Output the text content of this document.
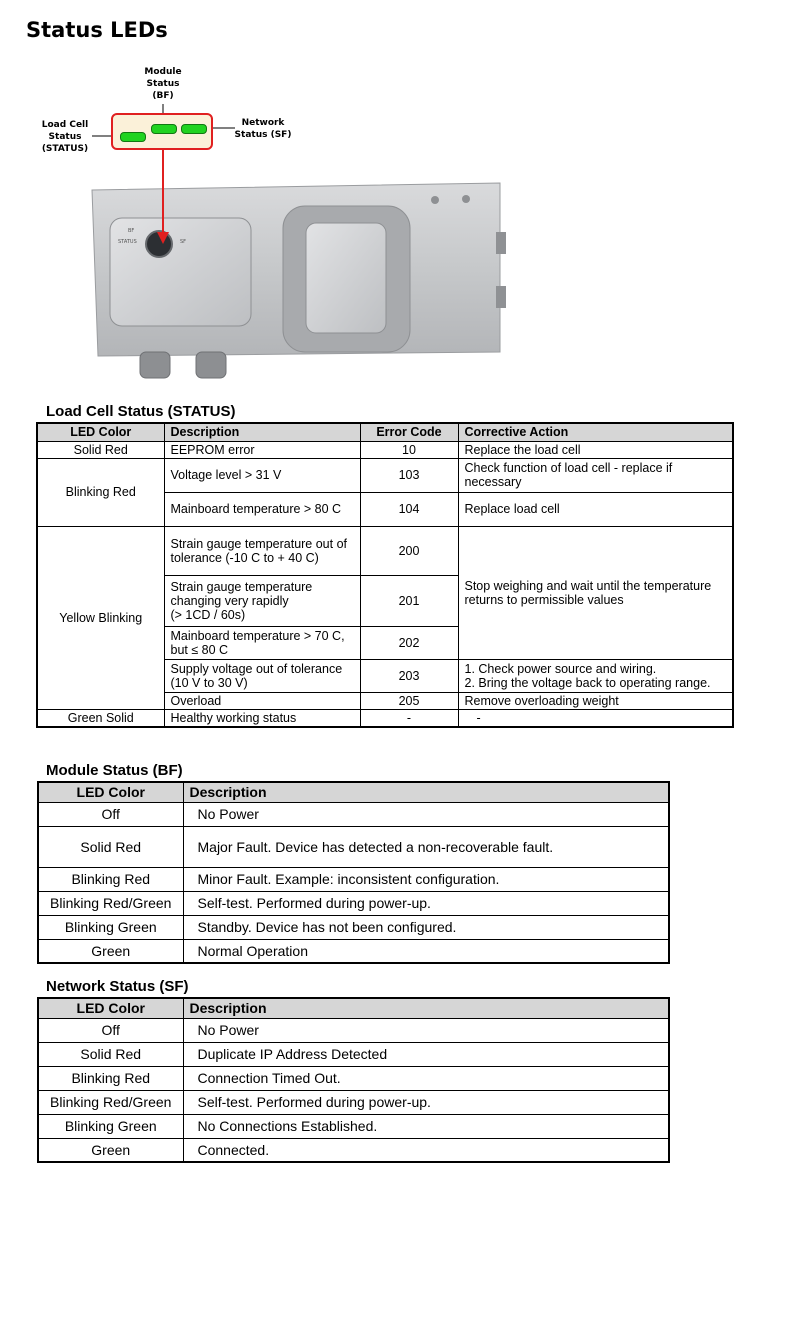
Status LEDs
Module
Status
(BF)
Load Cell
Status
(STATUS)
Network
Status (SF)
BF
STATUS	SF
Load Cell Status (STATUS)
LED Color	Description	Error Code	Corrective Action
Solid Red	EEPROM error	10	Replace the load cell
Blinking Red	Voltage level > 31 V	103	Check function of load cell - replace if necessary
	Mainboard temperature > 80 C	104	Replace load cell
Yellow Blinking	Strain gauge temperature out of tolerance (-10 C to + 40 C)	200	Stop weighing and wait until the temperature returns to permissible values

	Strain gauge temperature
changing very rapidly
(> 1CD / 60s)	201	
	Mainboard temperature > 70 C, but ≤ 80 C	202	
	Supply voltage out of tolerance (10 V to 30 V)	203	1. Check power source and wiring.
2. Bring the voltage back to operating range.

	Overload	205	Remove overloading weight
Green Solid	Healthy working status	-	-
Module Status (BF)
LED Color	Description
Off	No Power
Solid Red	Major Fault. Device has detected a non-recoverable fault.
Blinking Red	Minor Fault. Example: inconsistent configuration.
Blinking Red/Green	Self-test. Performed during power-up.
Blinking Green	Standby. Device has not been configured.
Green	Normal Operation
Network Status (SF)
LED Color	Description
Off	No Power
Solid Red	Duplicate IP Address Detected
Blinking Red	Connection Timed Out.
Blinking Red/Green	Self-test. Performed during power-up.
Blinking Green	No Connections Established.
Green	Connected.
